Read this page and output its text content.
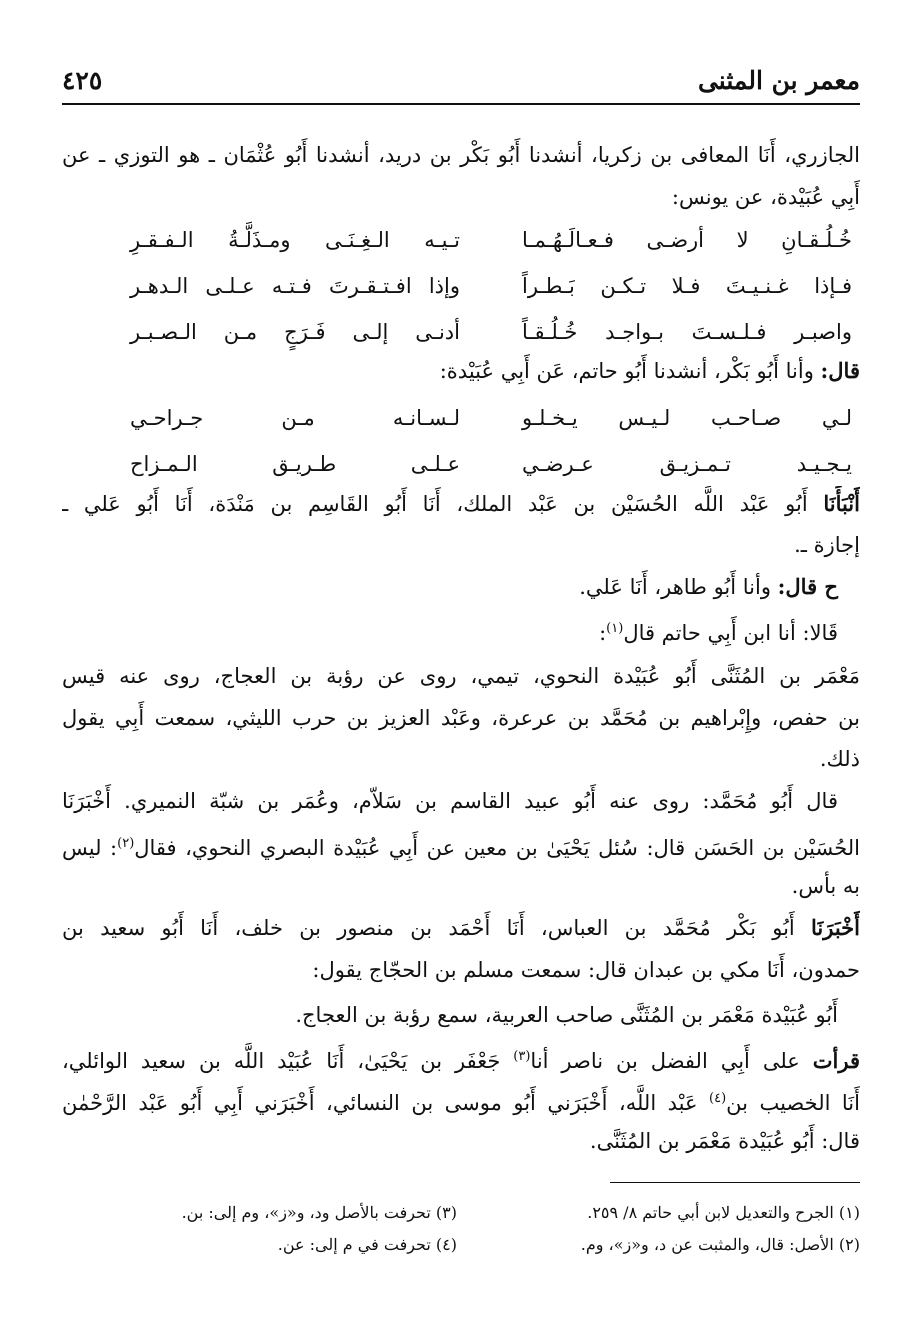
معمر بن المثنى
٤٢٥
الجازري، أَنَا المعافى بن زكريا، أنشدنا أَبُو بَكْر بن دريد، أنشدنا أَبُو عُثْمَان ـ هو التوزي ـ عن
أَبِي عُبَيْدة، عن يونس:
خُـلُـقـانِ لا أرضـى فـعـالَـهُـمـا
تـيـه الـغِـنَـى ومـذَلَّـةُ الـفـقـرِ
فـإذا غـنـيـتَ فـلا تـكـن بَـطـراً
وإذا افـتـقـرتَ فـتـه عـلـى الـدهـر
واصبـر فـلـسـتَ بـواجـد خُـلُـقـاً
أدنـى إلـى فَـرَجٍ مـن الـصـبـر
قال: وأنا أَبُو بَكْر، أنشدنا أَبُو حاتم، عَن أَبِي عُبَيْدة:
لـي صـاحـب لـيـس يـخـلـو
لـسـانـه مـن جـراحـي
يـجـيـد تـمـزيـق عـرضـي
عـلـى طـريـق الـمـزاح
أَنْبَأَنَا أَبُو عَبْد اللَّه الحُسَيْن بن عَبْد الملك، أَنَا أَبُو القَاسِم بن مَنْدَة، أَنَا أَبُو عَلي ـ
إجازة ـ.
ح قال: وأنا أَبُو طاهر، أَنَا عَلي.
قَالا: أنا ابن أَبِي حاتم قال$^{(١)}$:
مَعْمَر بن المُثَنَّى أَبُو عُبَيْدة النحوي، تيمي، روى عن رؤبة بن العجاج، روى عنه قيس
بن حفص، وإِبْراهيم بن مُحَمَّد بن عرعرة، وعَبْد العزيز بن حرب الليثي، سمعت أَبِي يقول
ذلك.
قال أَبُو مُحَمَّد: روى عنه أَبُو عبيد القاسم بن سَلاّم، وعُمَر بن شبّة النميري. أَخْبَرَنَا
الحُسَيْن بن الحَسَن قال: سُئل يَحْيَىٰ بن معين عن أَبِي عُبَيْدة البصري النحوي، فقال$^{(٢)}$: ليس
به بأس.
أَخْبَرَنَا أَبُو بَكْر مُحَمَّد بن العباس، أَنَا أَحْمَد بن منصور بن خلف، أَنَا أَبُو سعيد بن
حمدون، أَنَا مكي بن عبدان قال: سمعت مسلم بن الحجّاج يقول:
أَبُو عُبَيْدة مَعْمَر بن المُثَنَّى صاحب العربية، سمع رؤبة بن العجاج.
قرأت على أَبِي الفضل بن ناصر أنا$^{(٣)}$ جَعْفَر بن يَحْيَىٰ، أَنَا عُبَيْد اللَّه بن سعيد الوائلي،
أَنَا الخصيب بن$^{(٤)}$ عَبْد اللَّه، أَخْبَرَني أَبُو موسى بن النسائي، أَخْبَرَني أَبِي أَبُو عَبْد الرَّحْمٰن
قال: أَبُو عُبَيْدة مَعْمَر بن المُثَنَّى.
(١) الجرح والتعديل لابن أبي حاتم ٨/ ٢٥٩.
(٣) تحرفت بالأصل ود، و«ز»، وم إلى: بن.
(٢) الأصل: قال، والمثبت عن د، و«ز»، وم.
(٤) تحرفت في م إلى: عن.
